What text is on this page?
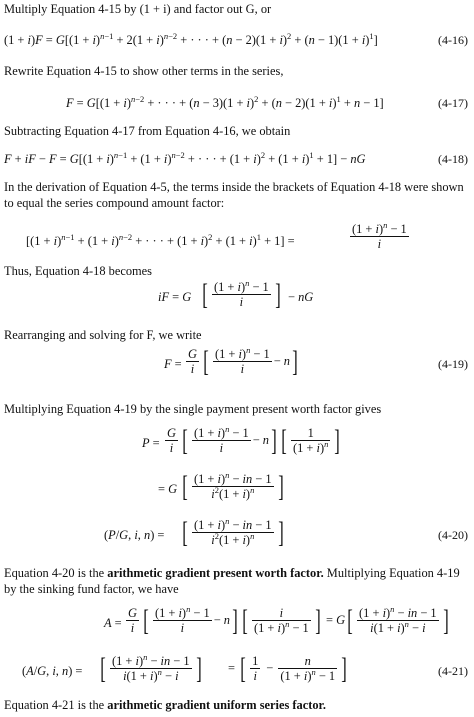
Multiply Equation 4-15 by (1 + i) and factor out G, or
$(1 + i)F = G[(1 + i)^{n-1} + 2(1 + i)^{n-2}$ + · · · + $(n - 2)(1 + i)^2 + (n - 1)(1 + i)^1$]	(4-16)
Rewrite Equation 4-15 to show other terms in the series,
$F = G[(1 + i)^{n-2}$ + · · · + $(n - 3)(1 + i)^2 + (n - 2)(1 + i)^1 + n - 1$]	(4-17)
Subtracting Equation 4-17 from Equation 4-16, we obtain
F + iF − $F = G[(1 + i)^{n-1} + (1 + i)^{n-2}$ + · · · + $(1 + i)^2 + (1 + i)^1 + 1$] − nG	(4-18)
In the derivation of Equation 4-5, the terms inside the brackets of Equation 4-18 were shown to equal the series compound amount factor:
[$(1 + i)^{n-1} + (1 + i)^{n-2}$ + · · · + $(1 + i)^2 + (1 + i)^1 + 1$] =	$\frac{(1 + i)^n - 1}{i}$
Thus, Equation 4-18 becomes
iF = G [ $\frac{(1 + i)^n - 1}{i}$ ] − nG
Rearranging and solving for F, we write
$F = \frac{G}{i}$ [ $\frac{(1 + i)^n - 1}{i} - n$]	(4-19)
Multiplying Equation 4-19 by the single payment present worth factor gives
$P = \frac{G}{i}$ [ $\frac{(1 + i)^n - 1}{i} - n$] [ $\frac{1}{(1 + i)^n}$ ]
= G [ $\frac{(1 + i)^n - in - 1}{i^2(1 + i)^n}$ ]
(P/G, i, n) = [ $\frac{(1 + i)^n - in - 1}{i^2(1 + i)^n}$ ]	(4-20)
Equation 4-20 is the arithmetic gradient present worth factor. Multiplying Equation 4-19 by the sinking fund factor, we have
$A = \frac{G}{i}$ [ $\frac{(1 + i)^n - 1}{i} - n$] [ $\frac{i}{(1 + i)^n - 1}$ ] = $G[ \frac{(1 + i)^n - in - 1}{i(1 + i)^n - i}$ ]
(A/G, i, n) = [ $\frac{(1 + i)^n - in - 1}{i(1 + i)^n - i}$ ] = [ $\frac{1}{i} - \frac{n}{(1 + i)^n - 1}$ ]	(4-21)
Equation 4-21 is the arithmetic gradient uniform series factor.
